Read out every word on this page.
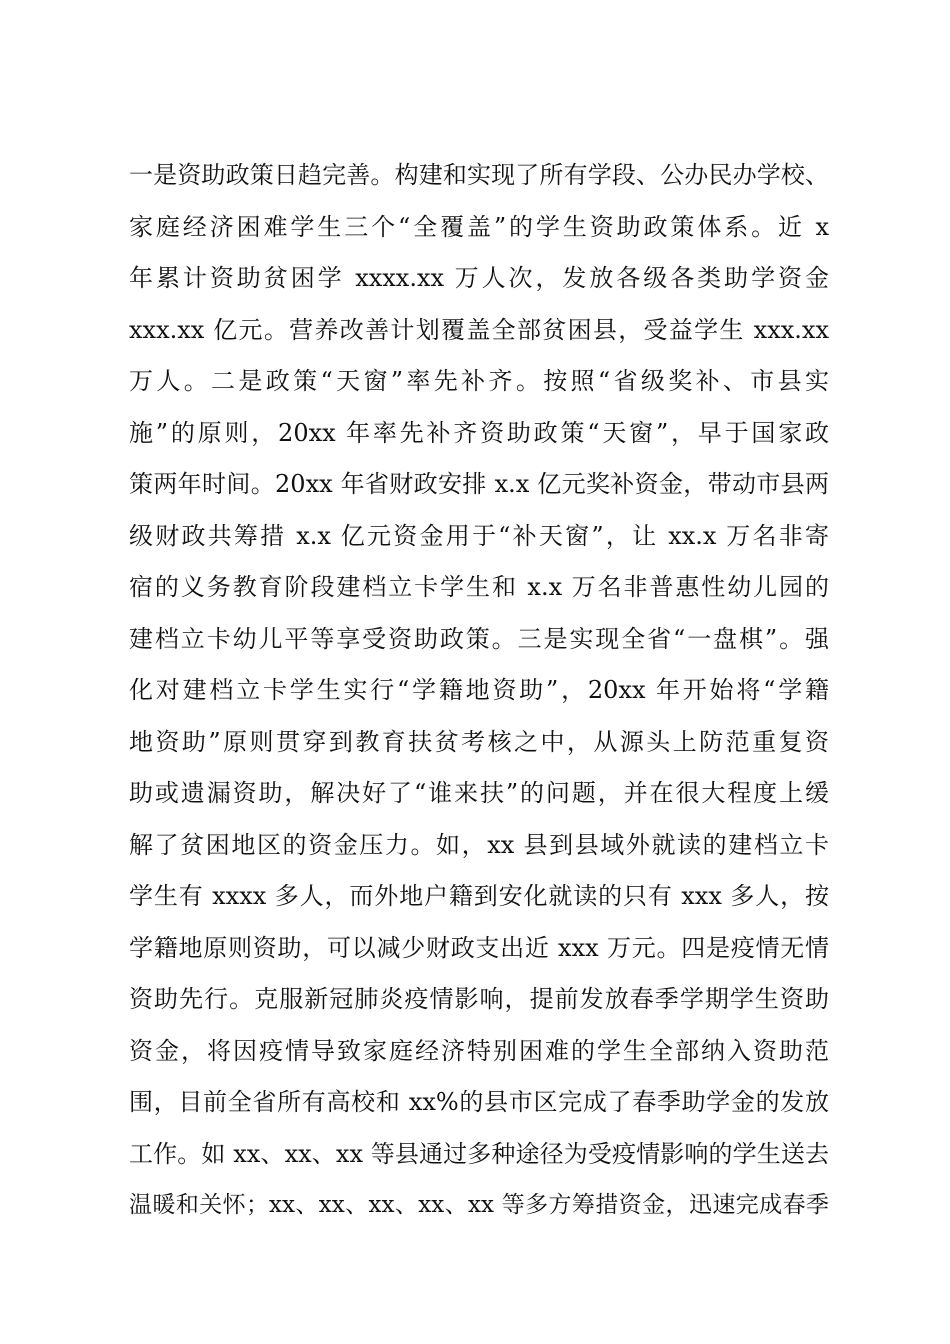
一是资助政策日趋完善。构建和实现了所有学段、公办民办学校、
家庭经济困难学生三个“全覆盖”的学生资助政策体系。近 x
年累计资助贫困学 xxxx.xx 万人次，发放各级各类助学资金
xxx.xx 亿元。营养改善计划覆盖全部贫困县，受益学生 xxx.xx
万人。二是政策“天窗”率先补齐。按照“省级奖补、市县实
施”的原则，20xx 年率先补齐资助政策“天窗”，早于国家政
策两年时间。20xx 年省财政安排 x.x 亿元奖补资金，带动市县两
级财政共筹措 x.x 亿元资金用于“补天窗”，让 xx.x 万名非寄
宿的义务教育阶段建档立卡学生和 x.x 万名非普惠性幼儿园的
建档立卡幼儿平等享受资助政策。三是实现全省“一盘棋”。强
化对建档立卡学生实行“学籍地资助”，20xx 年开始将“学籍
地资助”原则贯穿到教育扶贫考核之中，从源头上防范重复资
助或遗漏资助，解决好了“谁来扶”的问题，并在很大程度上缓
解了贫困地区的资金压力。如，xx 县到县域外就读的建档立卡
学生有 xxxx 多人，而外地户籍到安化就读的只有 xxx 多人，按
学籍地原则资助，可以减少财政支出近 xxx 万元。四是疫情无情
资助先行。克服新冠肺炎疫情影响，提前发放春季学期学生资助
资金，将因疫情导致家庭经济特别困难的学生全部纳入资助范
围，目前全省所有高校和 xx%的县市区完成了春季助学金的发放
工作。如 xx、xx、xx 等县通过多种途径为受疫情影响的学生送去
温暖和关怀；xx、xx、xx、xx、xx 等多方筹措资金，迅速完成春季
